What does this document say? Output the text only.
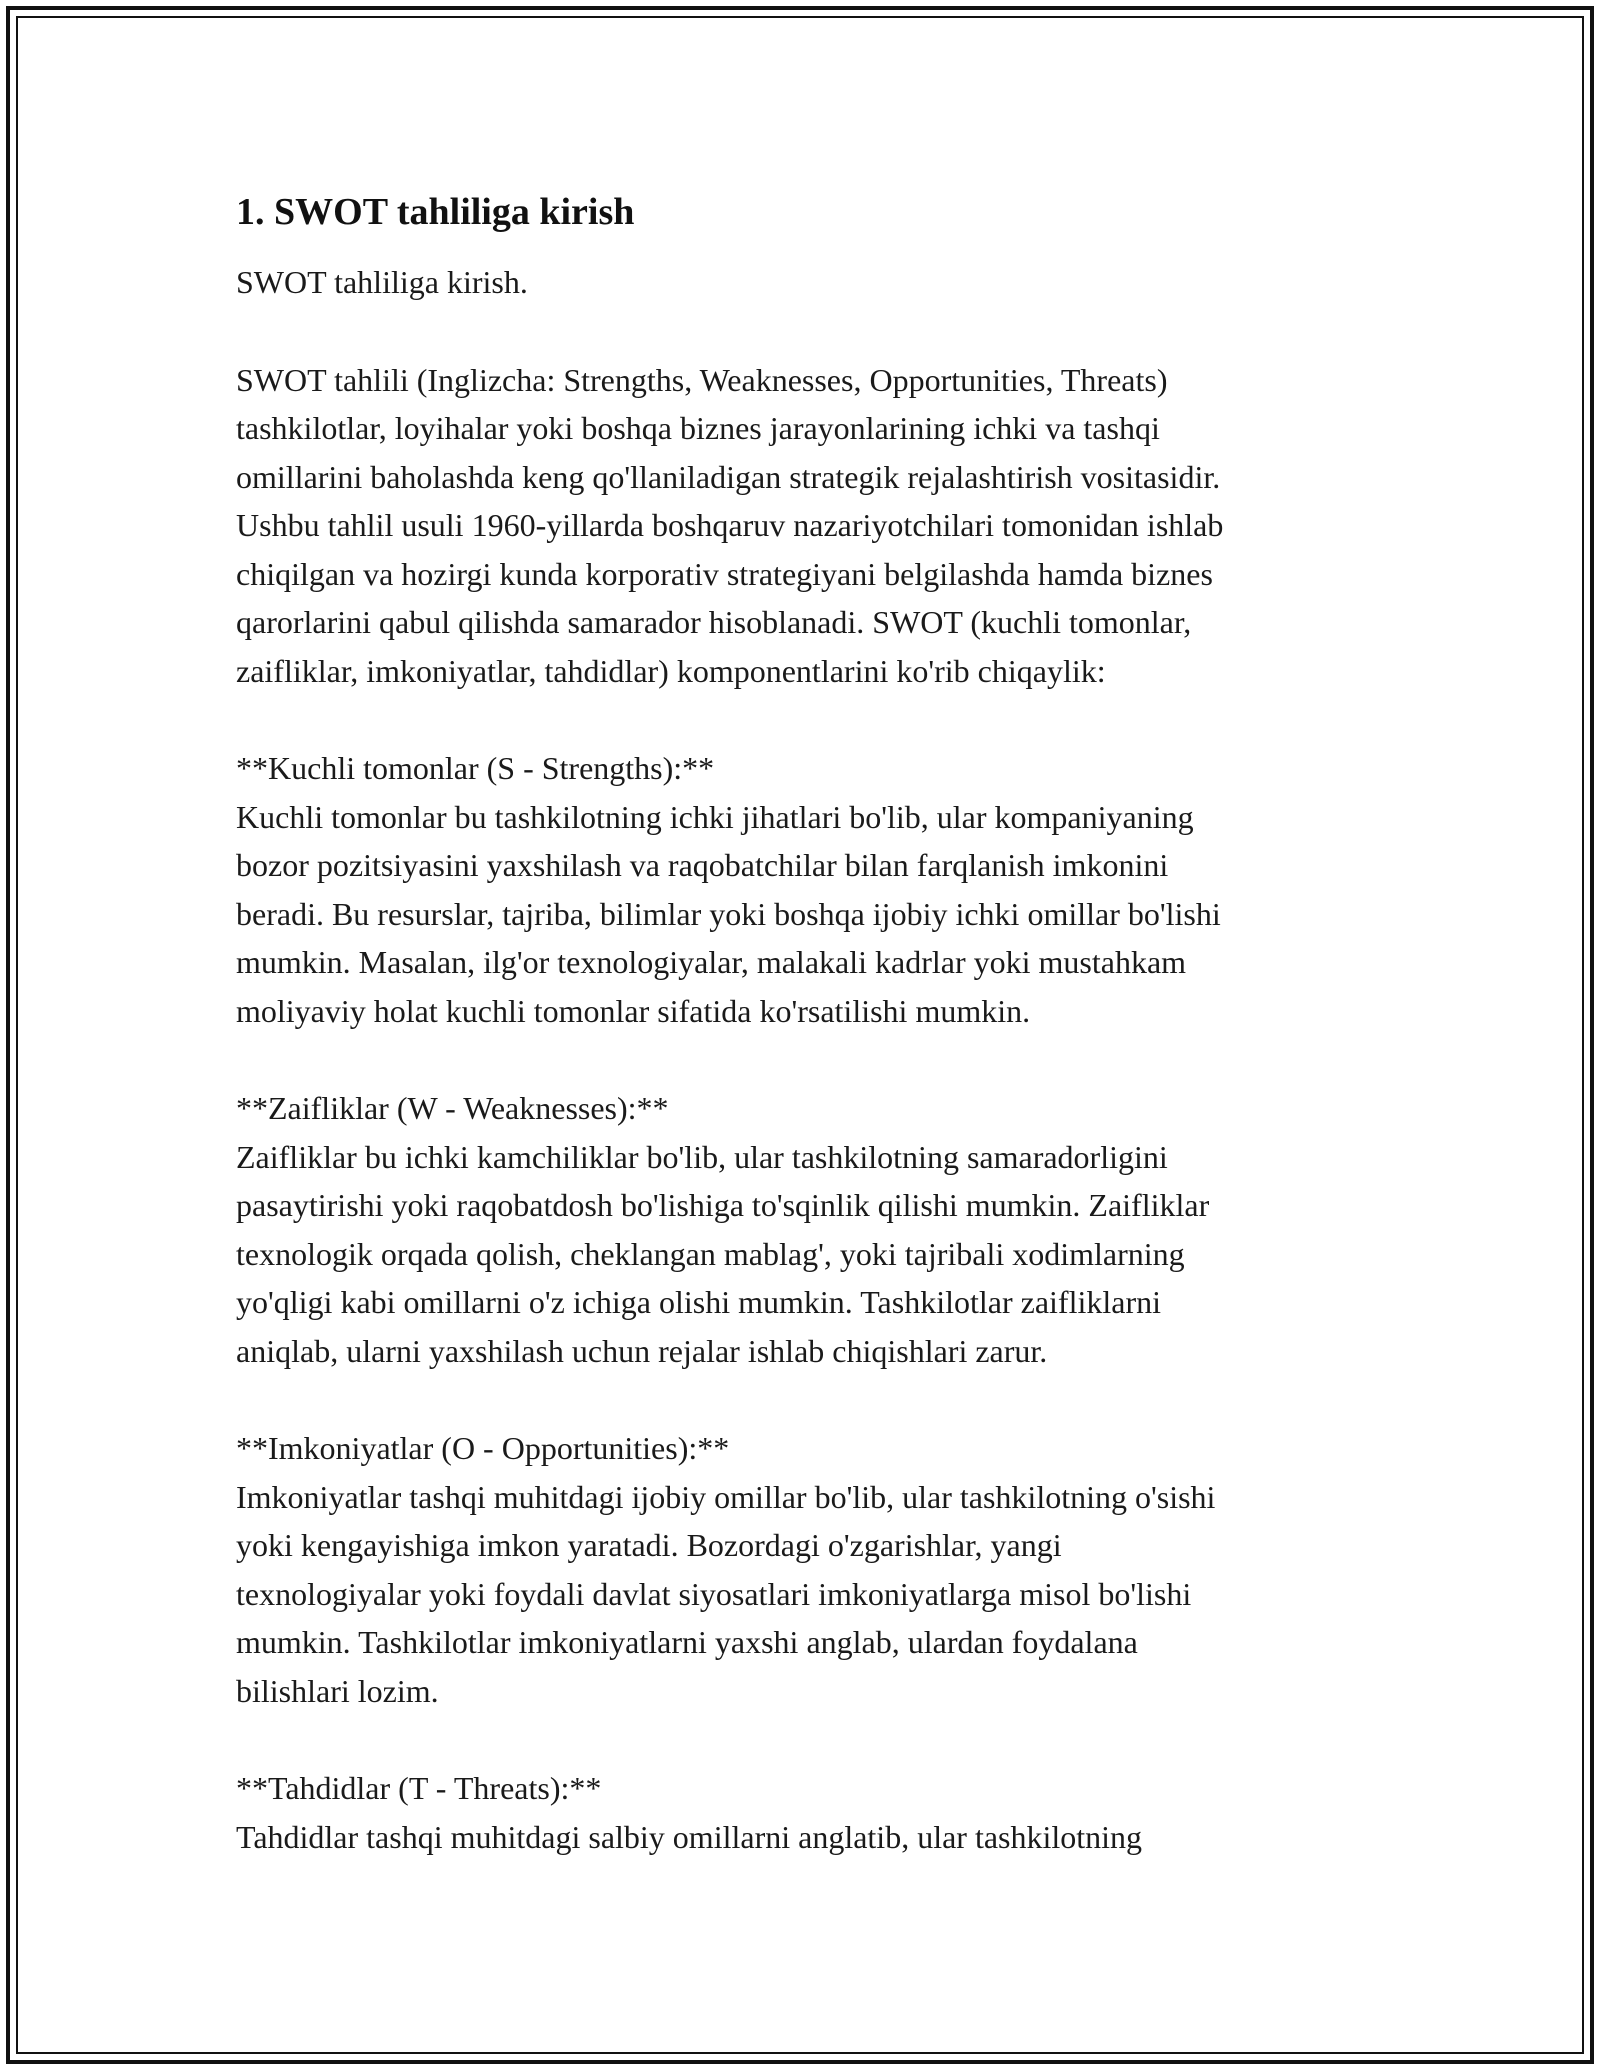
1. SWOT tahliliga kirish
SWOT tahliliga kirish.
SWOT tahlili (Inglizcha: Strengths, Weaknesses, Opportunities, Threats)
tashkilotlar, loyihalar yoki boshqa biznes jarayonlarining ichki va tashqi
omillarini baholashda keng qo'llaniladigan strategik rejalashtirish vositasidir.
Ushbu tahlil usuli 1960-yillarda boshqaruv nazariyotchilari tomonidan ishlab
chiqilgan va hozirgi kunda korporativ strategiyani belgilashda hamda biznes
qarorlarini qabul qilishda samarador hisoblanadi. SWOT (kuchli tomonlar,
zaifliklar, imkoniyatlar, tahdidlar) komponentlarini ko'rib chiqaylik:
**Kuchli tomonlar (S - Strengths):**
Kuchli tomonlar bu tashkilotning ichki jihatlari bo'lib, ular kompaniyaning
bozor pozitsiyasini yaxshilash va raqobatchilar bilan farqlanish imkonini
beradi. Bu resurslar, tajriba, bilimlar yoki boshqa ijobiy ichki omillar bo'lishi
mumkin. Masalan, ilg'or texnologiyalar, malakali kadrlar yoki mustahkam
moliyaviy holat kuchli tomonlar sifatida ko'rsatilishi mumkin.
**Zaifliklar (W - Weaknesses):**
Zaifliklar bu ichki kamchiliklar bo'lib, ular tashkilotning samaradorligini
pasaytirishi yoki raqobatdosh bo'lishiga to'sqinlik qilishi mumkin. Zaifliklar
texnologik orqada qolish, cheklangan mablag', yoki tajribali xodimlarning
yo'qligi kabi omillarni o'z ichiga olishi mumkin. Tashkilotlar zaifliklarni
aniqlab, ularni yaxshilash uchun rejalar ishlab chiqishlari zarur.
**Imkoniyatlar (O - Opportunities):**
Imkoniyatlar tashqi muhitdagi ijobiy omillar bo'lib, ular tashkilotning o'sishi
yoki kengayishiga imkon yaratadi. Bozordagi o'zgarishlar, yangi
texnologiyalar yoki foydali davlat siyosatlari imkoniyatlarga misol bo'lishi
mumkin. Tashkilotlar imkoniyatlarni yaxshi anglab, ulardan foydalana
bilishlari lozim.
**Tahdidlar (T - Threats):**
Tahdidlar tashqi muhitdagi salbiy omillarni anglatib, ular tashkilotning
